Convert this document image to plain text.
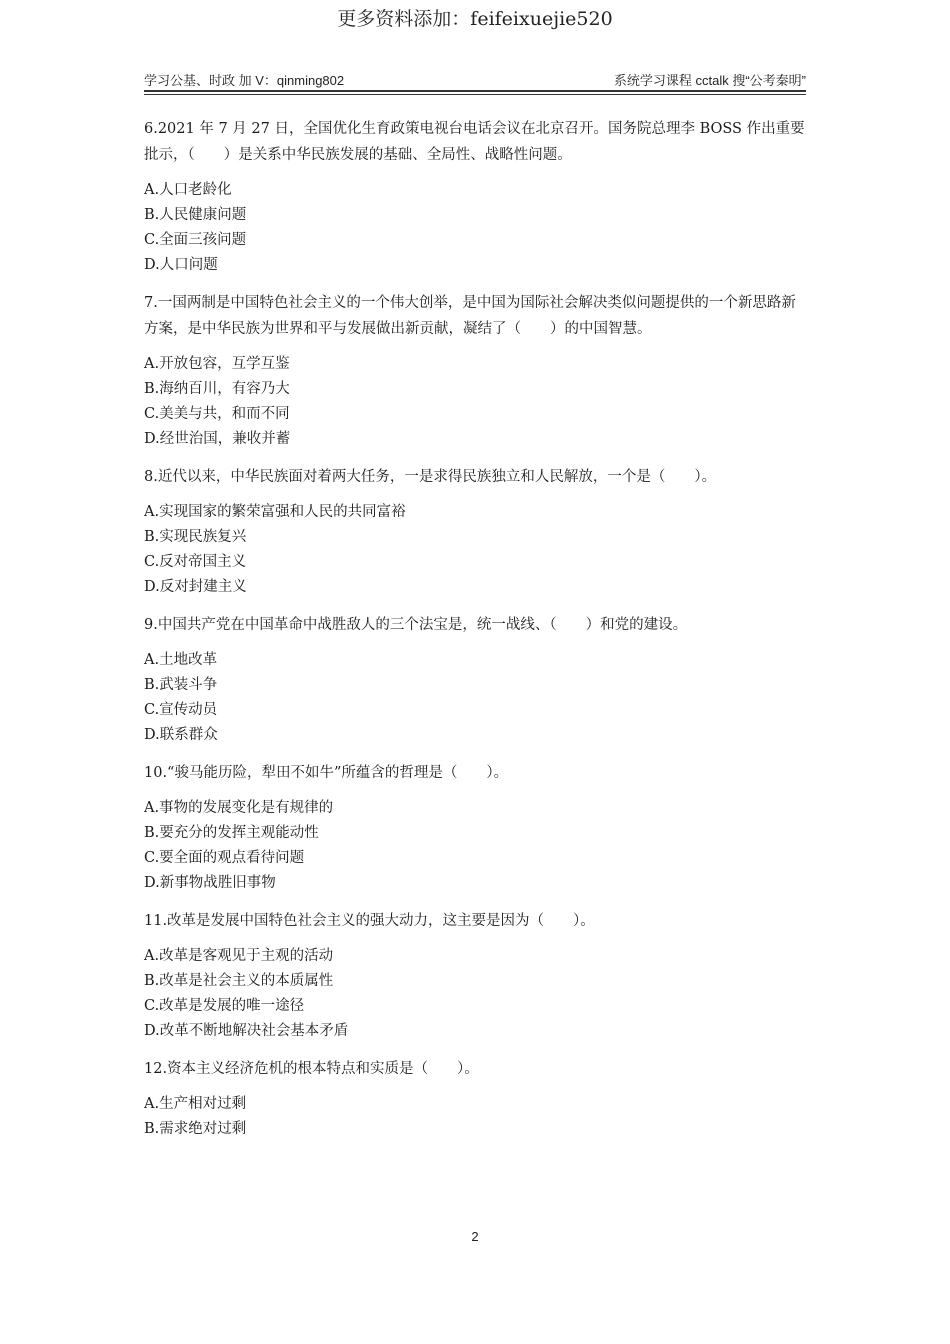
更多资料添加：feifeixuejie520
学习公基、时政 加 V：qinming802	系统学习课程 cctalk 搜“公考秦明”
6.2021 年 7 月 27 日，全国优化生育政策电视台电话会议在北京召开。国务院总理李 BOSS 作出重要批示，（　　）是关系中华民族发展的基础、全局性、战略性问题。
A.人口老龄化
B.人民健康问题
C.全面三孩问题
D.人口问题
7.一国两制是中国特色社会主义的一个伟大创举，是中国为国际社会解决类似问题提供的一个新思路新方案，是中华民族为世界和平与发展做出新贡献，凝结了（　　）的中国智慧。
A.开放包容，互学互鉴
B.海纳百川，有容乃大
C.美美与共，和而不同
D.经世治国，兼收并蓄
8.近代以来，中华民族面对着两大任务，一是求得民族独立和人民解放，一个是（　　）。
A.实现国家的繁荣富强和人民的共同富裕
B.实现民族复兴
C.反对帝国主义
D.反对封建主义
9.中国共产党在中国革命中战胜敌人的三个法宝是，统一战线、（　　）和党的建设。
A.土地改革
B.武装斗争
C.宣传动员
D.联系群众
10.“骏马能历险，犁田不如牛”所蕴含的哲理是（　　）。
A.事物的发展变化是有规律的
B.要充分的发挥主观能动性
C.要全面的观点看待问题
D.新事物战胜旧事物
11.改革是发展中国特色社会主义的强大动力，这主要是因为（　　）。
A.改革是客观见于主观的活动
B.改革是社会主义的本质属性
C.改革是发展的唯一途径
D.改革不断地解决社会基本矛盾
12.资本主义经济危机的根本特点和实质是（　　）。
A.生产相对过剩
B.需求绝对过剩
2
